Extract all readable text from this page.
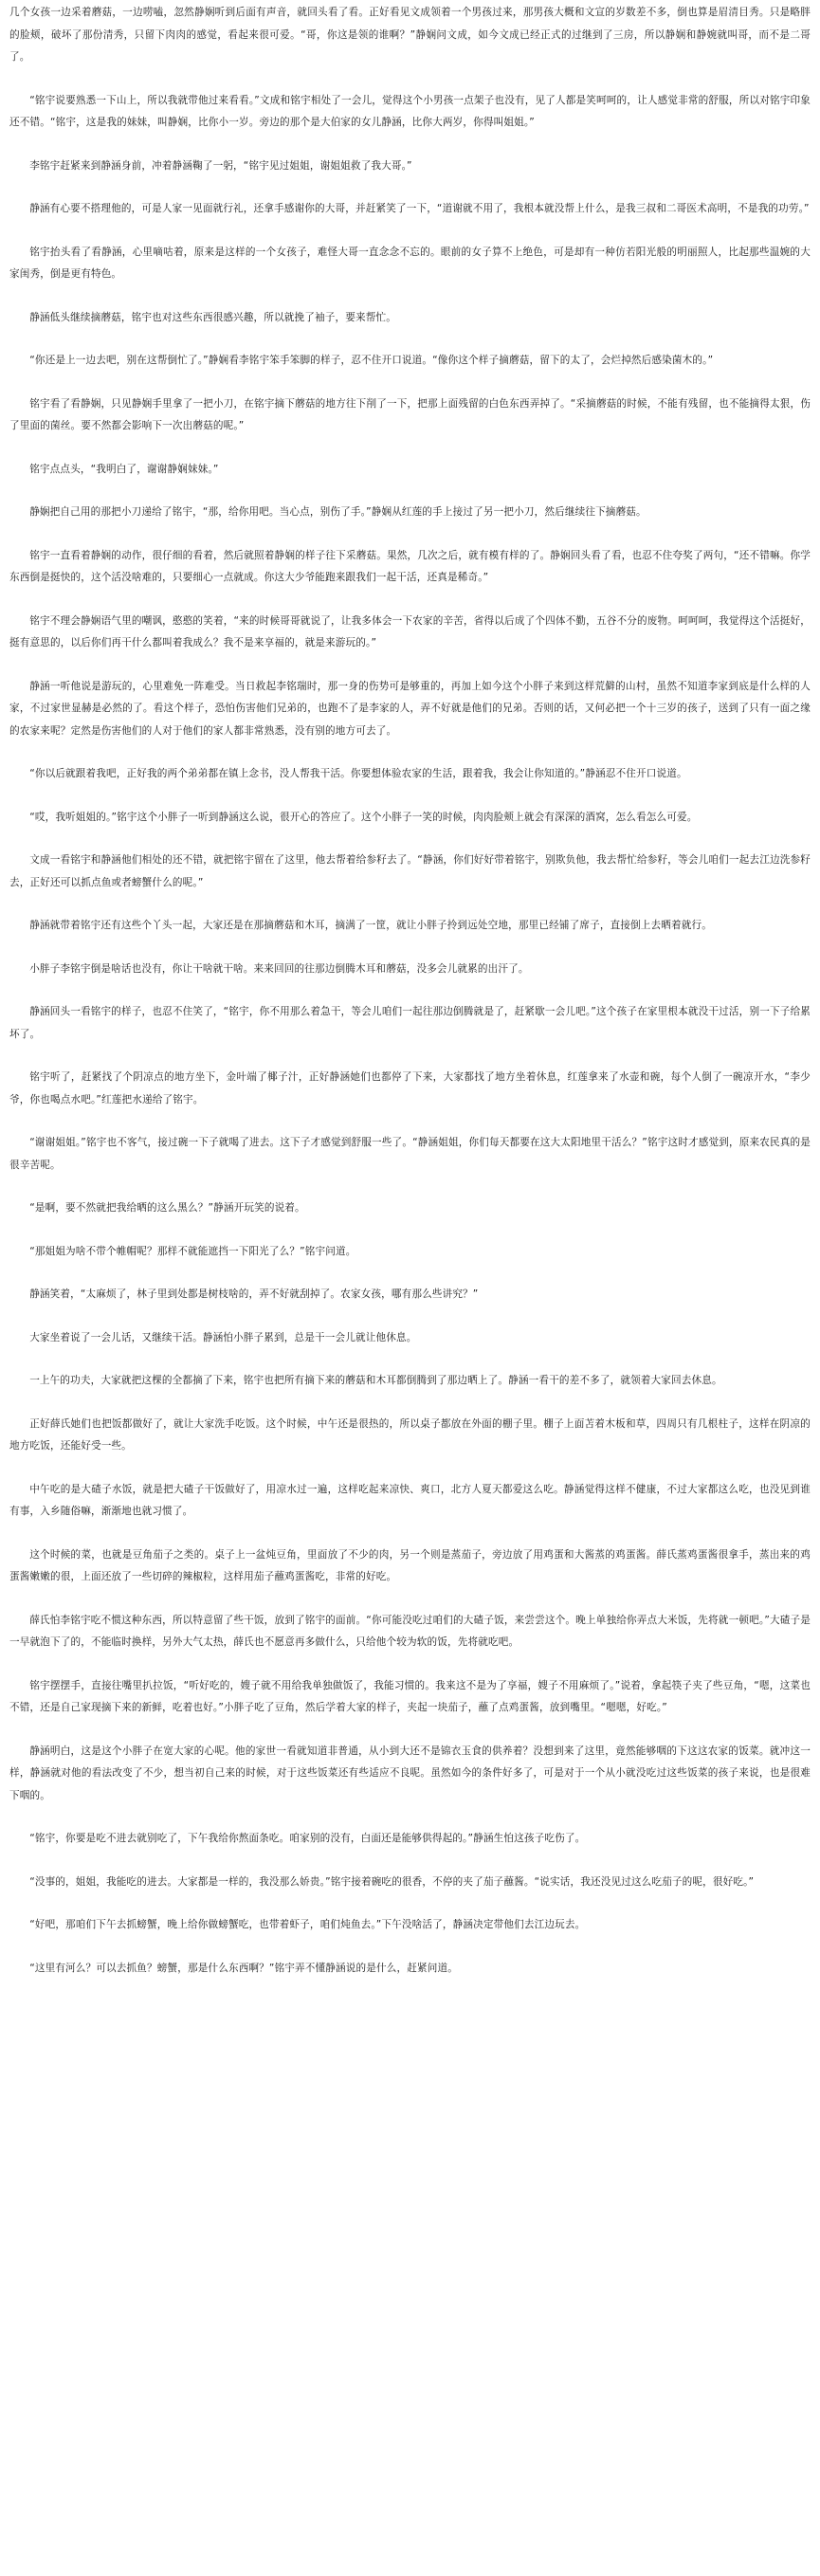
几个女孩一边采着蘑菇，一边唠嗑，忽然静娴听到后面有声音，就回头看了看。正好看见文成领着一个男孩过来，那男孩大概和文宣的岁数差不多，倒也算是眉清目秀。只是略胖的脸颊，破坏了那份清秀，只留下肉肉的感觉，看起来很可爱。“哥，你这是领的谁啊？”静娴问文成，如今文成已经正式的过继到了三房，所以静娴和静婉就叫哥，而不是二哥了。

“铭宇说要熟悉一下山上，所以我就带他过来看看。”文成和铭宇相处了一会儿，觉得这个小男孩一点架子也没有，见了人都是笑呵呵的，让人感觉非常的舒服，所以对铭宇印象还不错。“铭宇，这是我的妹妹，叫静娴，比你小一岁。旁边的那个是大伯家的女儿静涵，比你大两岁，你得叫姐姐。”

李铭宇赶紧来到静涵身前，冲着静涵鞠了一躬，“铭宇见过姐姐，谢姐姐救了我大哥。”

静涵有心要不搭理他的，可是人家一见面就行礼，还拿手感谢你的大哥，并赶紧笑了一下，“道谢就不用了，我根本就没帮上什么，是我三叔和二哥医术高明，不是我的功劳。”

铭宇抬头看了看静涵，心里嘀咕着，原来是这样的一个女孩子，难怪大哥一直念念不忘的。眼前的女子算不上绝色，可是却有一种仿若阳光般的明丽照人，比起那些温婉的大家闺秀，倒是更有特色。

静涵低头继续摘蘑菇，铭宇也对这些东西很感兴趣，所以就挽了袖子，要来帮忙。

“你还是上一边去吧，别在这帮倒忙了。”静娴看李铭宇笨手笨脚的样子，忍不住开口说道。“像你这个样子摘蘑菇，留下的太了，会烂掉然后感染菌木的。”

铭宇看了看静娴，只见静娴手里拿了一把小刀，在铭宇摘下蘑菇的地方往下削了一下，把那上面残留的白色东西弄掉了。“采摘蘑菇的时候，不能有残留，也不能摘得太狠，伤了里面的菌丝。要不然都会影响下一次出蘑菇的呢。”

铭宇点点头，“我明白了，谢谢静娴妹妹。”

静娴把自己用的那把小刀递给了铭宇，“那，给你用吧。当心点，别伤了手。”静娴从红莲的手上接过了另一把小刀，然后继续往下摘蘑菇。

铭宇一直看着静娴的动作，很仔细的看着，然后就照着静娴的样子往下采蘑菇。果然，几次之后，就有模有样的了。静娴回头看了看，也忍不住夸奖了两句，“还不错嘛。你学东西倒是挺快的，这个活没啥难的，只要细心一点就成。你这大少爷能跑来跟我们一起干活，还真是稀奇。”

铭宇不理会静娴语气里的嘲讽，憨憨的笑着，“来的时候哥哥就说了，让我多体会一下农家的辛苦，省得以后成了个四体不勤，五谷不分的废物。呵呵呵，我觉得这个活挺好，挺有意思的，以后你们再干什么都叫着我成么？我不是来享福的，就是来游玩的。”

静涵一听他说是游玩的，心里难免一阵难受。当日救起李铭瑞时，那一身的伤势可是够重的，再加上如今这个小胖子来到这样荒僻的山村，虽然不知道李家到底是什么样的人家，不过家世显赫是必然的了。看这个样子，恐怕伤害他们兄弟的，也跑不了是李家的人，弄不好就是他们的兄弟。否则的话，又何必把一个十三岁的孩子，送到了只有一面之缘的农家来呢？定然是伤害他们的人对于他们的家人都非常熟悉，没有别的地方可去了。

“你以后就跟着我吧，正好我的两个弟弟都在镇上念书，没人帮我干活。你要想体验农家的生活，跟着我，我会让你知道的。”静涵忍不住开口说道。

“哎，我听姐姐的。”铭宇这个小胖子一听到静涵这么说，很开心的答应了。这个小胖子一笑的时候，肉肉脸颊上就会有深深的酒窝，怎么看怎么可爱。

文成一看铭宇和静涵他们相处的还不错，就把铭宇留在了这里，他去帮着给参籽去了。“静涵，你们好好带着铭宇，别欺负他，我去帮忙给参籽，等会儿咱们一起去江边洗参籽去，正好还可以抓点鱼或者螃蟹什么的呢。”

静涵就带着铭宇还有这些个丫头一起，大家还是在那摘蘑菇和木耳，摘满了一筐，就让小胖子拎到远处空地，那里已经铺了席子，直接倒上去晒着就行。

小胖子李铭宇倒是啥话也没有，你让干啥就干啥。来来回回的往那边倒腾木耳和蘑菇，没多会儿就累的出汗了。

静涵回头一看铭宇的样子，也忍不住笑了，“铭宇，你不用那么着急干，等会儿咱们一起往那边倒腾就是了，赶紧歇一会儿吧。”这个孩子在家里根本就没干过活，别一下子给累坏了。

铭宇听了，赶紧找了个阴凉点的地方坐下，金叶端了椰子汁，正好静涵她们也都停了下来，大家都找了地方坐着休息，红莲拿来了水壶和碗，每个人倒了一碗凉开水，“李少爷，你也喝点水吧。”红莲把水递给了铭宇。

“谢谢姐姐。”铭宇也不客气，接过碗一下子就喝了进去。这下子才感觉到舒服一些了。“静涵姐姐，你们每天都要在这大太阳地里干活么？”铭宇这时才感觉到，原来农民真的是很辛苦呢。

“是啊，要不然就把我给晒的这么黑么？”静涵开玩笑的说着。

“那姐姐为啥不带个帷帽呢？那样不就能遮挡一下阳光了么？”铭宇问道。

静涵笑着，“太麻烦了，林子里到处都是树枝啥的，弄不好就刮掉了。农家女孩，哪有那么些讲究？”

大家坐着说了一会儿话，又继续干活。静涵怕小胖子累到，总是干一会儿就让他休息。

一上午的功夫，大家就把这棵的全都摘了下来，铭宇也把所有摘下来的蘑菇和木耳都倒腾到了那边晒上了。静涵一看干的差不多了，就领着大家回去休息。

正好薛氏她们也把饭都做好了，就让大家洗手吃饭。这个时候，中午还是很热的，所以桌子都放在外面的棚子里。棚子上面苫着木板和草，四周只有几根柱子，这样在阴凉的地方吃饭，还能好受一些。

中午吃的是大碴子水饭，就是把大碴子干饭做好了，用凉水过一遍，这样吃起来凉快、爽口，北方人夏天都爱这么吃。静涵觉得这样不健康，不过大家都这么吃，也没见到谁有事，入乡随俗嘛，渐渐地也就习惯了。

这个时候的菜，也就是豆角茄子之类的。桌子上一盆炖豆角，里面放了不少的肉，另一个则是蒸茄子，旁边放了用鸡蛋和大酱蒸的鸡蛋酱。薛氏蒸鸡蛋酱很拿手，蒸出来的鸡蛋酱嫩嫩的很，上面还放了一些切碎的辣椒粒，这样用茄子蘸鸡蛋酱吃，非常的好吃。

薛氏怕李铭宇吃不惯这种东西，所以特意留了些干饭，放到了铭宇的面前。“你可能没吃过咱们的大碴子饭，来尝尝这个。晚上单独给你弄点大米饭，先将就一顿吧。”大碴子是一早就泡下了的，不能临时换样，另外大气太热，薛氏也不愿意再多做什么，只给他个较为软的饭，先将就吃吧。

铭宇摆摆手，直接往嘴里扒拉饭，“听好吃的，嫂子就不用给我单独做饭了，我能习惯的。我来这不是为了享福，嫂子不用麻烦了。”说着，拿起筷子夹了些豆角，“嗯，这菜也不错，还是自己家现摘下来的新鲜，吃着也好。”小胖子吃了豆角，然后学着大家的样子，夹起一块茄子，蘸了点鸡蛋酱，放到嘴里。“嗯嗯，好吃。”

静涵明白，这是这个小胖子在宽大家的心呢。他的家世一看就知道非普通，从小到大还不是锦衣玉食的供养着？没想到来了这里，竟然能够咽的下这这农家的饭菜。就冲这一样，静涵就对他的看法改变了不少，想当初自己来的时候，对于这些饭菜还有些适应不良呢。虽然如今的条件好多了，可是对于一个从小就没吃过这些饭菜的孩子来说，也是很难下咽的。

“铭宇，你要是吃不进去就别吃了，下午我给你熬面条吃。咱家别的没有，白面还是能够供得起的。”静涵生怕这孩子吃伤了。

“没事的，姐姐，我能吃的进去。大家都是一样的，我没那么娇贵。”铭宇接着碗吃的很香，不停的夹了茄子蘸酱。“说实话，我还没见过这么吃茄子的呢，很好吃。”

“好吧，那咱们下午去抓螃蟹，晚上给你做螃蟹吃，也带着虾子，咱们炖鱼去。”下午没啥活了，静涵决定带他们去江边玩去。

“这里有河么？可以去抓鱼？螃蟹，那是什么东西啊？”铭宇弄不懂静涵说的是什么，赶紧问道。
